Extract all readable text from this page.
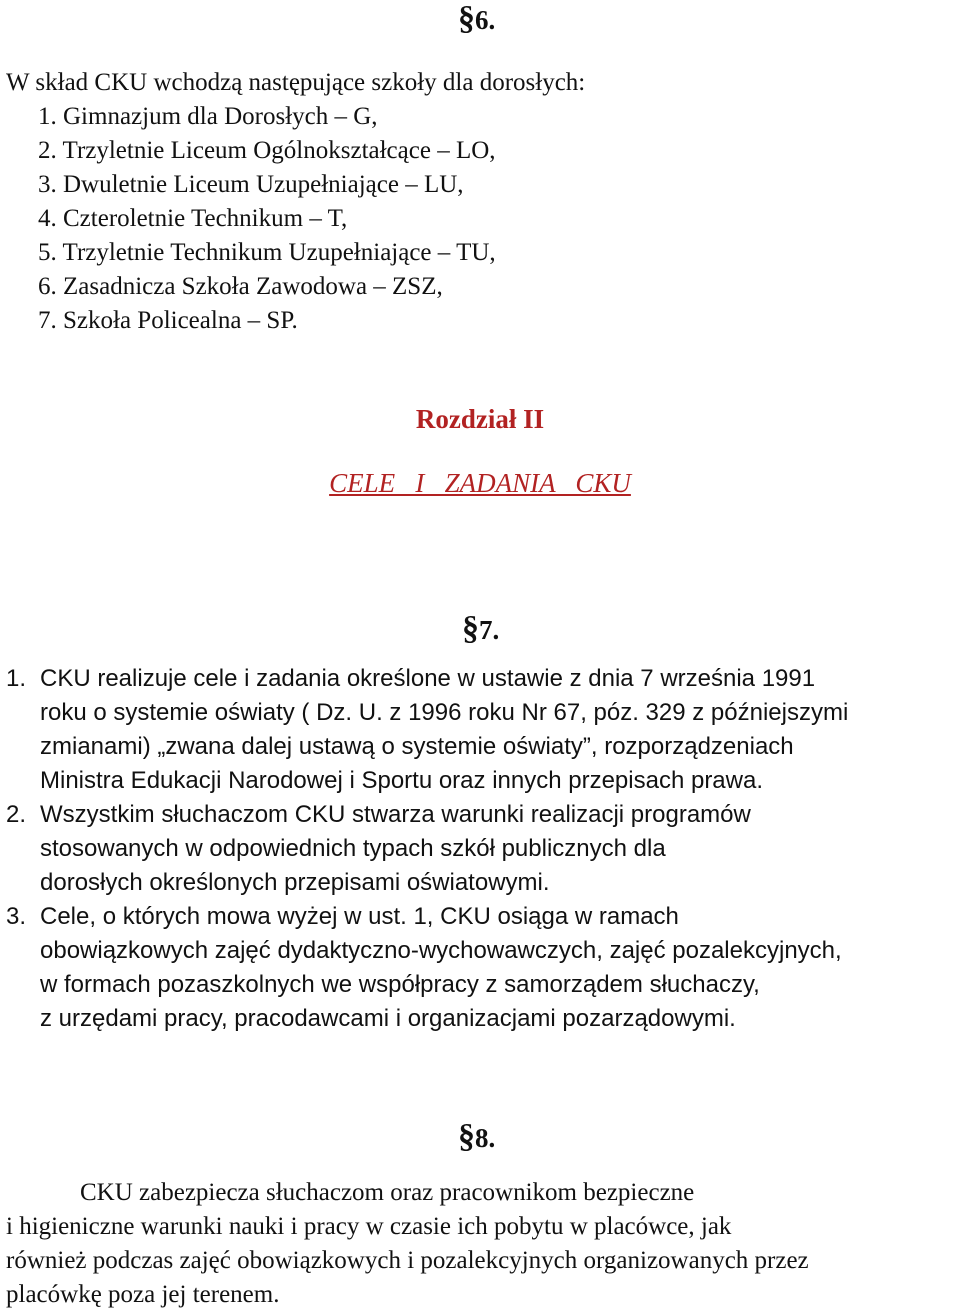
§6.
W skład CKU wchodzą następujące szkoły dla dorosłych:
1. Gimnazjum dla Dorosłych – G,
2. Trzyletnie Liceum Ogólnokształcące – LO,
3. Dwuletnie Liceum Uzupełniające – LU,
4. Czteroletnie Technikum – T,
5. Trzyletnie Technikum Uzupełniające – TU,
6. Zasadnicza Szkoła Zawodowa – ZSZ,
7. Szkoła Policealna – SP.
Rozdział II
CELE   I   ZADANIA   CKU
§7.
1. CKU realizuje cele i zadania określone w ustawie z dnia 7 września 1991
roku o systemie oświaty ( Dz. U. z 1996 roku Nr 67, póz. 329 z późniejszymi
zmianami) „zwana dalej ustawą o systemie oświaty”, rozporządzeniach
Ministra Edukacji Narodowej i Sportu oraz innych przepisach prawa.
2. Wszystkim słuchaczom CKU stwarza warunki realizacji programów
stosowanych w odpowiednich typach szkół publicznych dla
dorosłych określonych przepisami oświatowymi.
3. Cele, o których mowa wyżej w ust. 1, CKU osiąga w ramach
obowiązkowych zajęć dydaktyczno-wychowawczych, zajęć pozalekcyjnych,
w formach pozaszkolnych we współpracy z samorządem słuchaczy,
z urzędami pracy, pracodawcami i organizacjami pozarządowymi.
§8.
CKU zabezpiecza słuchaczom oraz pracownikom bezpieczne
i higieniczne warunki nauki i pracy w czasie ich pobytu w placówce, jak
również podczas zajęć obowiązkowych i pozalekcyjnych organizowanych przez
placówkę poza jej terenem.
